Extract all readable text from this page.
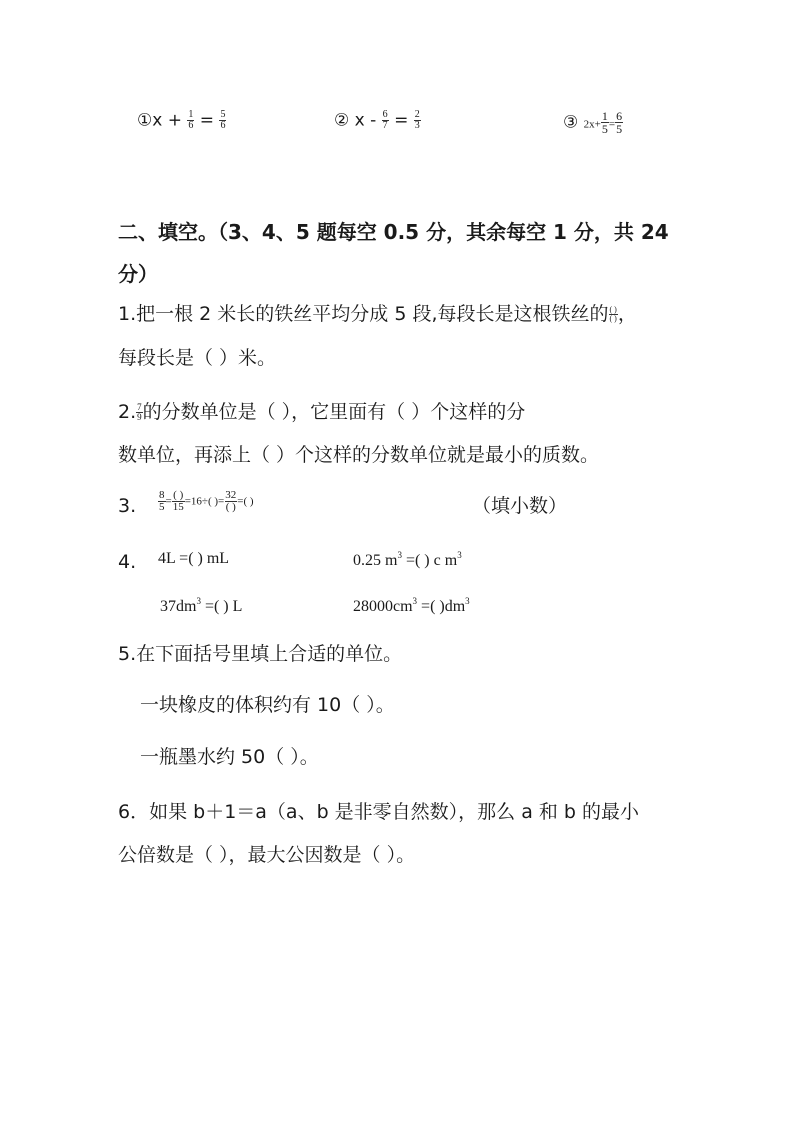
①x + $\frac{1}{6} = \frac{5}{6}$	② $x - \frac{6}{7} = \frac{2}{3}$	③ $2x+ \frac{1}{5} = \frac{6}{5}$
二、填空。（3、4、5 题每空 0.5 分，其余每空 1 分，共 24
分）
1.把一根 2 米长的铁丝平均分成 5 段,每段长是这根铁丝的 $\frac{( )}{( )}$ ，
每段长是（ ）米。
2. $\frac{7}{9}$ 的分数单位是（ ），它里面有（ ）个这样的分
数单位，再添上（ ）个这样的分数单位就是最小的质数。
3. $\frac{8}{5} = \frac{( )}{15} =16\div$( )= $\frac{32}{( )}$ =( )	（填小数）
4. 4L =( ) mL	0.25 $m^3$ =( ) c $m^3$
$37dm^3$ =( ) L	$28000cm^3$ =( )$dm^3$
5.在下面括号里填上合适的单位。
一块橡皮的体积约有 10（ ）。
一瓶墨水约 50（ ）。
6．如果 b＋1＝a（a、b 是非零自然数），那么 a 和 b 的最小
公倍数是（ ），最大公因数是（ ）。
